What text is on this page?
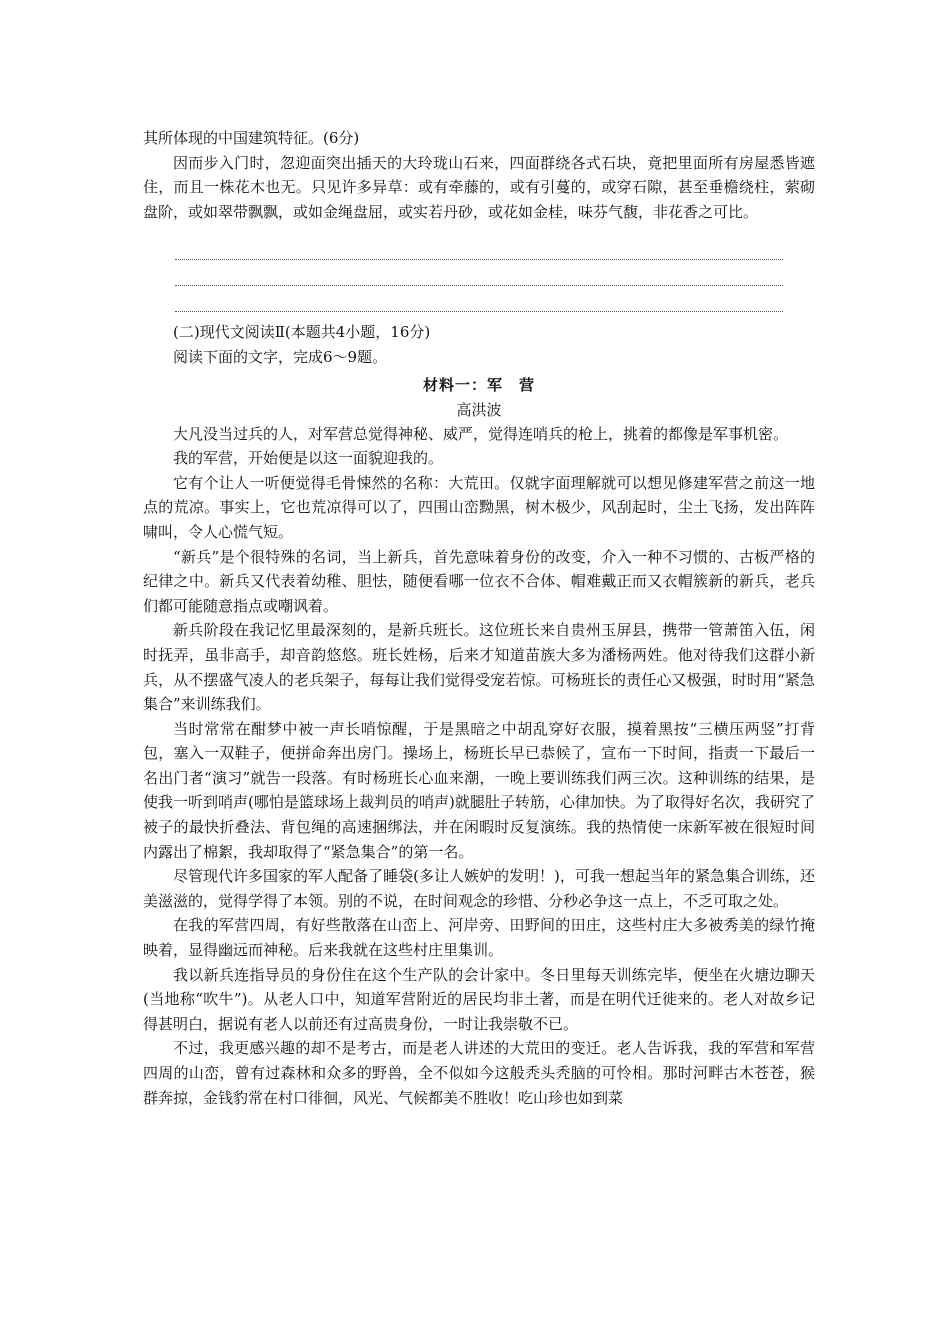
其所体现的中国建筑特征。(6分)

因而步入门时，忽迎面突出插天的大玲珑山石来，四面群绕各式石块，竟把里面所有房屋悉皆遮住，而且一株花木也无。只见许多异草：或有牵藤的，或有引蔓的，或穿石隙，甚至垂檐绕柱，萦砌盘阶，或如翠带飘飘，或如金绳盘屈，或实若丹砂，或花如金桂，味芬气馥，非花香之可比。

(二)现代文阅读Ⅱ(本题共4小题，16分)

阅读下面的文字，完成6～9题。

材料一：军　营

高洪波

大凡没当过兵的人，对军营总觉得神秘、威严，觉得连哨兵的枪上，挑着的都像是军事机密。

我的军营，开始便是以这一面貌迎我的。

它有个让人一听便觉得毛骨悚然的名称：大荒田。仅就字面理解就可以想见修建军营之前这一地点的荒凉。事实上，它也荒凉得可以了，四围山峦黝黑，树木极少，风刮起时，尘土飞扬，发出阵阵啸叫，令人心慌气短。

“新兵”是个很特殊的名词，当上新兵，首先意味着身份的改变，介入一种不习惯的、古板严格的纪律之中。新兵又代表着幼稚、胆怯，随便看哪一位衣不合体、帽难戴正而又衣帽簇新的新兵，老兵们都可能随意指点或嘲讽着。

新兵阶段在我记忆里最深刻的，是新兵班长。这位班长来自贵州玉屏县，携带一管萧笛入伍，闲时抚弄，虽非高手，却音韵悠悠。班长姓杨，后来才知道苗族大多为潘杨两姓。他对待我们这群小新兵，从不摆盛气凌人的老兵架子，每每让我们觉得受宠若惊。可杨班长的责任心又极强，时时用“紧急集合”来训练我们。

当时常常在酣梦中被一声长哨惊醒，于是黑暗之中胡乱穿好衣服，摸着黑按“三横压两竖”打背包，塞入一双鞋子，便拼命奔出房门。操场上，杨班长早已恭候了，宣布一下时间，指责一下最后一名出门者“演习”就告一段落。有时杨班长心血来潮，一晚上要训练我们两三次。这种训练的结果，是使我一听到哨声(哪怕是篮球场上裁判员的哨声)就腿肚子转筋，心律加快。为了取得好名次，我研究了被子的最快折叠法、背包绳的高速捆绑法，并在闲暇时反复演练。我的热情使一床新军被在很短时间内露出了棉絮，我却取得了“紧急集合”的第一名。

尽管现代许多国家的军人配备了睡袋(多让人嫉妒的发明！)，可我一想起当年的紧急集合训练，还美滋滋的，觉得学得了本领。别的不说，在时间观念的珍惜、分秒必争这一点上，不乏可取之处。

在我的军营四周，有好些散落在山峦上、河岸旁、田野间的田庄，这些村庄大多被秀美的绿竹掩映着，显得幽远而神秘。后来我就在这些村庄里集训。

我以新兵连指导员的身份住在这个生产队的会计家中。冬日里每天训练完毕，便坐在火塘边聊天(当地称“吹牛”)。从老人口中，知道军营附近的居民均非土著，而是在明代迁徙来的。老人对故乡记得甚明白，据说有老人以前还有过高贵身份，一时让我崇敬不已。

不过，我更感兴趣的却不是考古，而是老人讲述的大荒田的变迁。老人告诉我，我的军营和军营四周的山峦，曾有过森林和众多的野兽，全不似如今这般秃头秃脑的可怜相。那时河畔古木苍苍，猴群奔掠，金钱豹常在村口徘徊，风光、气候都美不胜收！吃山珍也如到菜
